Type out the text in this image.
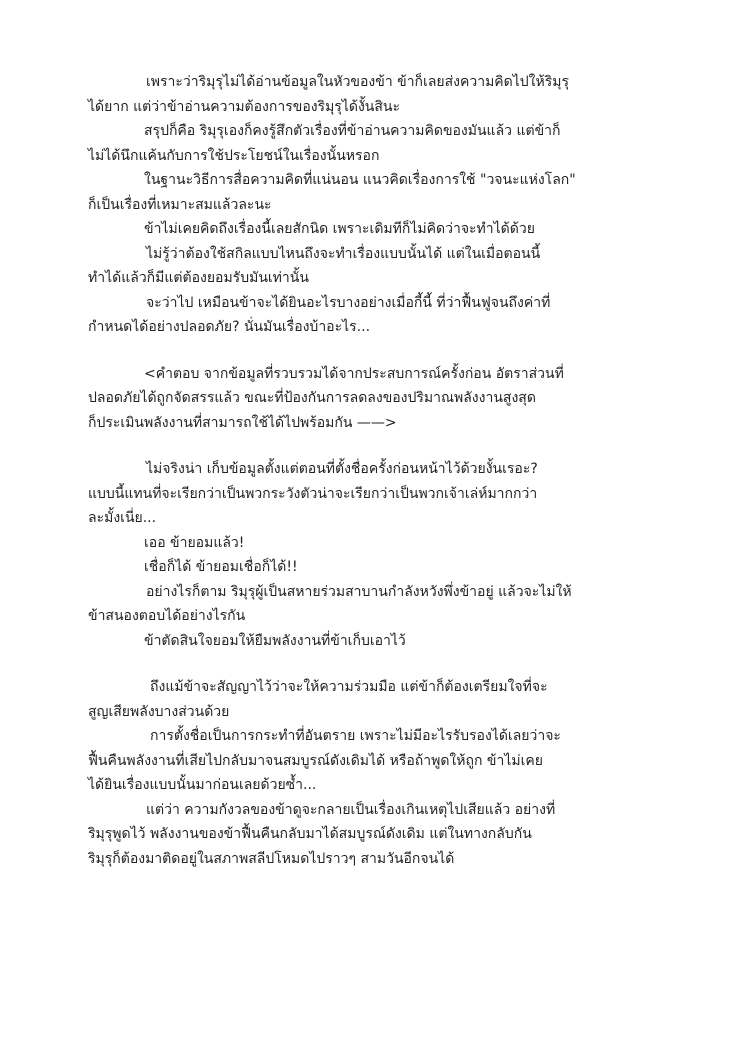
เพราะว่าริมุรุไม่ได้อ่านข้อมูลในหัวของข้า ข้าก็เลยส่งความคิดไปให้ริมุรุ
ได้ยาก แต่ว่าข้าอ่านความต้องการของริมุรุได้งั้นสินะ

สรุปก็คือ ริมุรุเองก็คงรู้สึกตัวเรื่องที่ข้าอ่านความคิดของมันแล้ว แต่ข้าก็
ไม่ได้นึกแค้นกับการใช้ประโยชน์ในเรื่องนั้นหรอก

ในฐานะวิธีการสื่อความคิดที่แน่นอน แนวคิดเรื่องการใช้ "วจนะแห่งโลก"
ก็เป็นเรื่องที่เหมาะสมแล้วละนะ

ข้าไม่เคยคิดถึงเรื่องนี้เลยสักนิด เพราะเดิมทีก็ไม่คิดว่าจะทำได้ด้วย

ไม่รู้ว่าต้องใช้สกิลแบบไหนถึงจะทำเรื่องแบบนั้นได้ แต่ในเมื่อตอนนี้
ทำได้แล้วก็มีแต่ต้องยอมรับมันเท่านั้น

จะว่าไป เหมือนข้าจะได้ยินอะไรบางอย่างเมื่อกี้นี้ ที่ว่าฟื้นฟูจนถึงค่าที่
กำหนดได้อย่างปลอดภัย? นั่นมันเรื่องบ้าอะไร...

<คำตอบ จากข้อมูลที่รวบรวมได้จากประสบการณ์ครั้งก่อน อัตราส่วนที่
ปลอดภัยได้ถูกจัดสรรแล้ว ขณะที่ป้องกันการลดลงของปริมาณพลังงานสูงสุด
ก็ประเมินพลังงานที่สามารถใช้ได้ไปพร้อมกัน ——>

ไม่จริงน่า เก็บข้อมูลตั้งแต่ตอนที่ตั้งชื่อครั้งก่อนหน้าไว้ด้วยงั้นเรอะ?
แบบนี้แทนที่จะเรียกว่าเป็นพวกระวังตัวน่าจะเรียกว่าเป็นพวกเจ้าเล่ห์มากกว่า
ละมั้งเนี่ย...

เออ ข้ายอมแล้ว!

เชื่อก็ได้ ข้ายอมเชื่อก็ได้!!

อย่างไรก็ตาม ริมุรุผู้เป็นสหายร่วมสาบานกำลังหวังพึ่งข้าอยู่ แล้วจะไม่ให้
ข้าสนองตอบได้อย่างไรกัน

ข้าตัดสินใจยอมให้ยืมพลังงานที่ข้าเก็บเอาไว้

ถึงแม้ข้าจะสัญญาไว้ว่าจะให้ความร่วมมือ แต่ข้าก็ต้องเตรียมใจที่จะ
สูญเสียพลังบางส่วนด้วย

การตั้งชื่อเป็นการกระทำที่อันตราย เพราะไม่มีอะไรรับรองได้เลยว่าจะ
ฟื้นคืนพลังงานที่เสียไปกลับมาจนสมบูรณ์ดังเดิมได้ หรือถ้าพูดให้ถูก ข้าไม่เคย
ได้ยินเรื่องแบบนั้นมาก่อนเลยด้วยซ้ำ...

แต่ว่า ความกังวลของข้าดูจะกลายเป็นเรื่องเกินเหตุไปเสียแล้ว อย่างที่
ริมุรุพูดไว้ พลังงานของข้าฟื้นคืนกลับมาได้สมบูรณ์ดังเดิม แต่ในทางกลับกัน
ริมุรุก็ต้องมาติดอยู่ในสภาพสลีปโหมดไปราวๆ สามวันอีกจนได้
